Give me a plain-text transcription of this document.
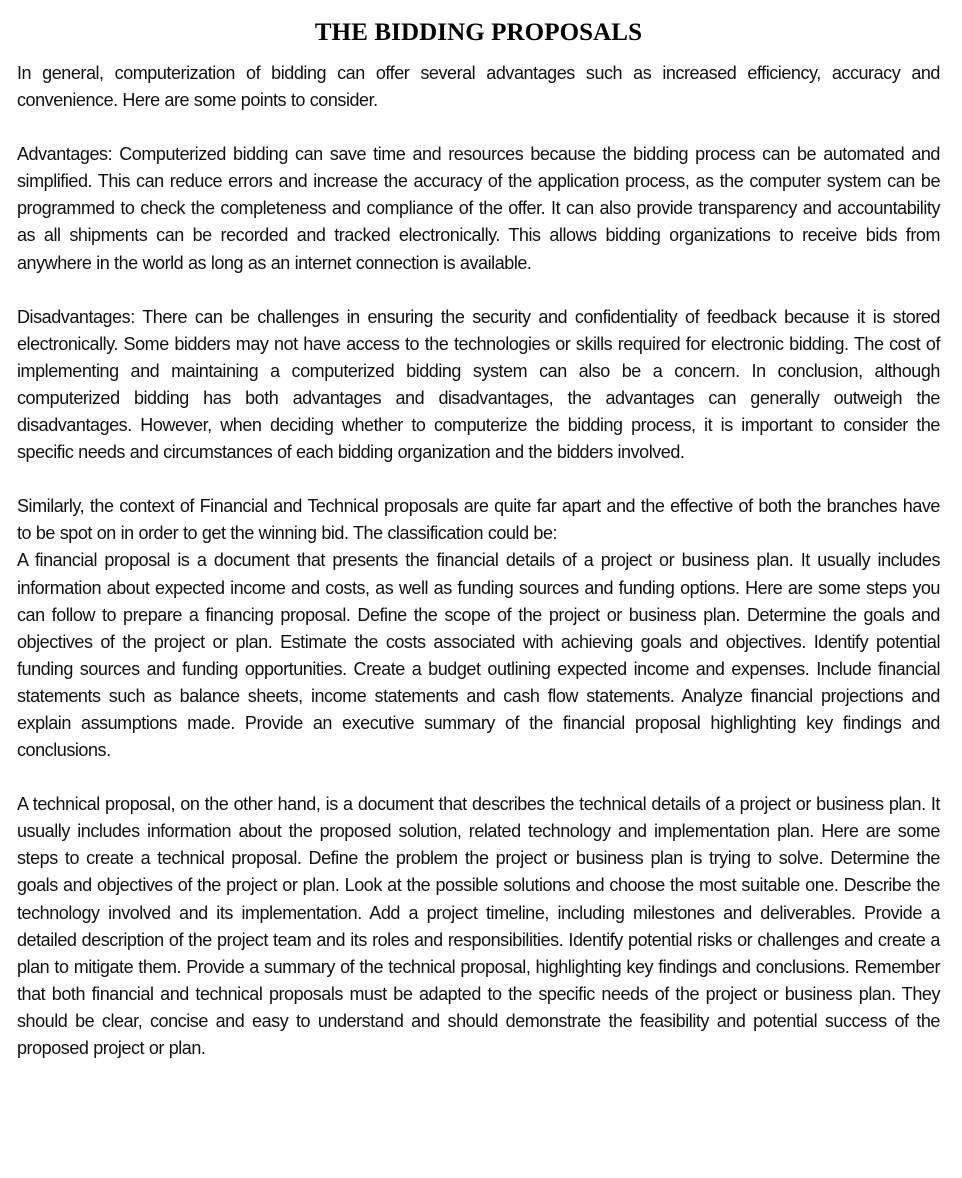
THE BIDDING PROPOSALS

In general, computerization of bidding can offer several advantages such as increased efficiency, accuracy and convenience. Here are some points to consider.

Advantages: Computerized bidding can save time and resources because the bidding process can be automated and simplified. This can reduce errors and increase the accuracy of the application process, as the computer system can be programmed to check the completeness and compliance of the offer. It can also provide transparency and accountability as all shipments can be recorded and tracked electronically. This allows bidding organizations to receive bids from anywhere in the world as long as an internet connection is available.

Disadvantages: There can be challenges in ensuring the security and confidentiality of feedback because it is stored electronically. Some bidders may not have access to the technologies or skills required for electronic bidding. The cost of implementing and maintaining a computerized bidding system can also be a concern. In conclusion, although computerized bidding has both advantages and disadvantages, the advantages can generally outweigh the disadvantages. However, when deciding whether to computerize the bidding process, it is important to consider the specific needs and circumstances of each bidding organization and the bidders involved.

Similarly, the context of Financial and Technical proposals are quite far apart and the effective of both the branches have to be spot on in order to get the winning bid. The classification could be:

A financial proposal is a document that presents the financial details of a project or business plan. It usually includes information about expected income and costs, as well as funding sources and funding options. Here are some steps you can follow to prepare a financing proposal. Define the scope of the project or business plan. Determine the goals and objectives of the project or plan. Estimate the costs associated with achieving goals and objectives. Identify potential funding sources and funding opportunities. Create a budget outlining expected income and expenses. Include financial statements such as balance sheets, income statements and cash flow statements. Analyze financial projections and explain assumptions made. Provide an executive summary of the financial proposal highlighting key findings and conclusions.

A technical proposal, on the other hand, is a document that describes the technical details of a project or business plan. It usually includes information about the proposed solution, related technology and implementation plan. Here are some steps to create a technical proposal. Define the problem the project or business plan is trying to solve. Determine the goals and objectives of the project or plan. Look at the possible solutions and choose the most suitable one. Describe the technology involved and its implementation. Add a project timeline, including milestones and deliverables. Provide a detailed description of the project team and its roles and responsibilities. Identify potential risks or challenges and create a plan to mitigate them. Provide a summary of the technical proposal, highlighting key findings and conclusions. Remember that both financial and technical proposals must be adapted to the specific needs of the project or business plan. They should be clear, concise and easy to understand and should demonstrate the feasibility and potential success of the proposed project or plan.
